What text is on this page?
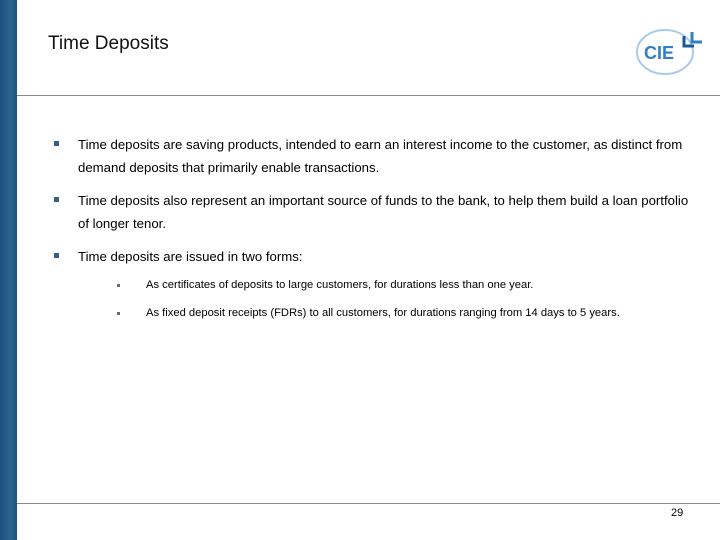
Time Deposits	CIE
Time deposits are saving products, intended to earn an interest income to the customer, as distinct from demand deposits that primarily enable transactions.
Time deposits also represent an important source of funds to the bank, to help them build a loan portfolio of longer tenor.
Time deposits are issued in two forms:
As certificates of deposits to large customers, for durations less than one year.
As fixed deposit receipts (FDRs) to all customers, for durations ranging from 14 days to 5 years.
29
